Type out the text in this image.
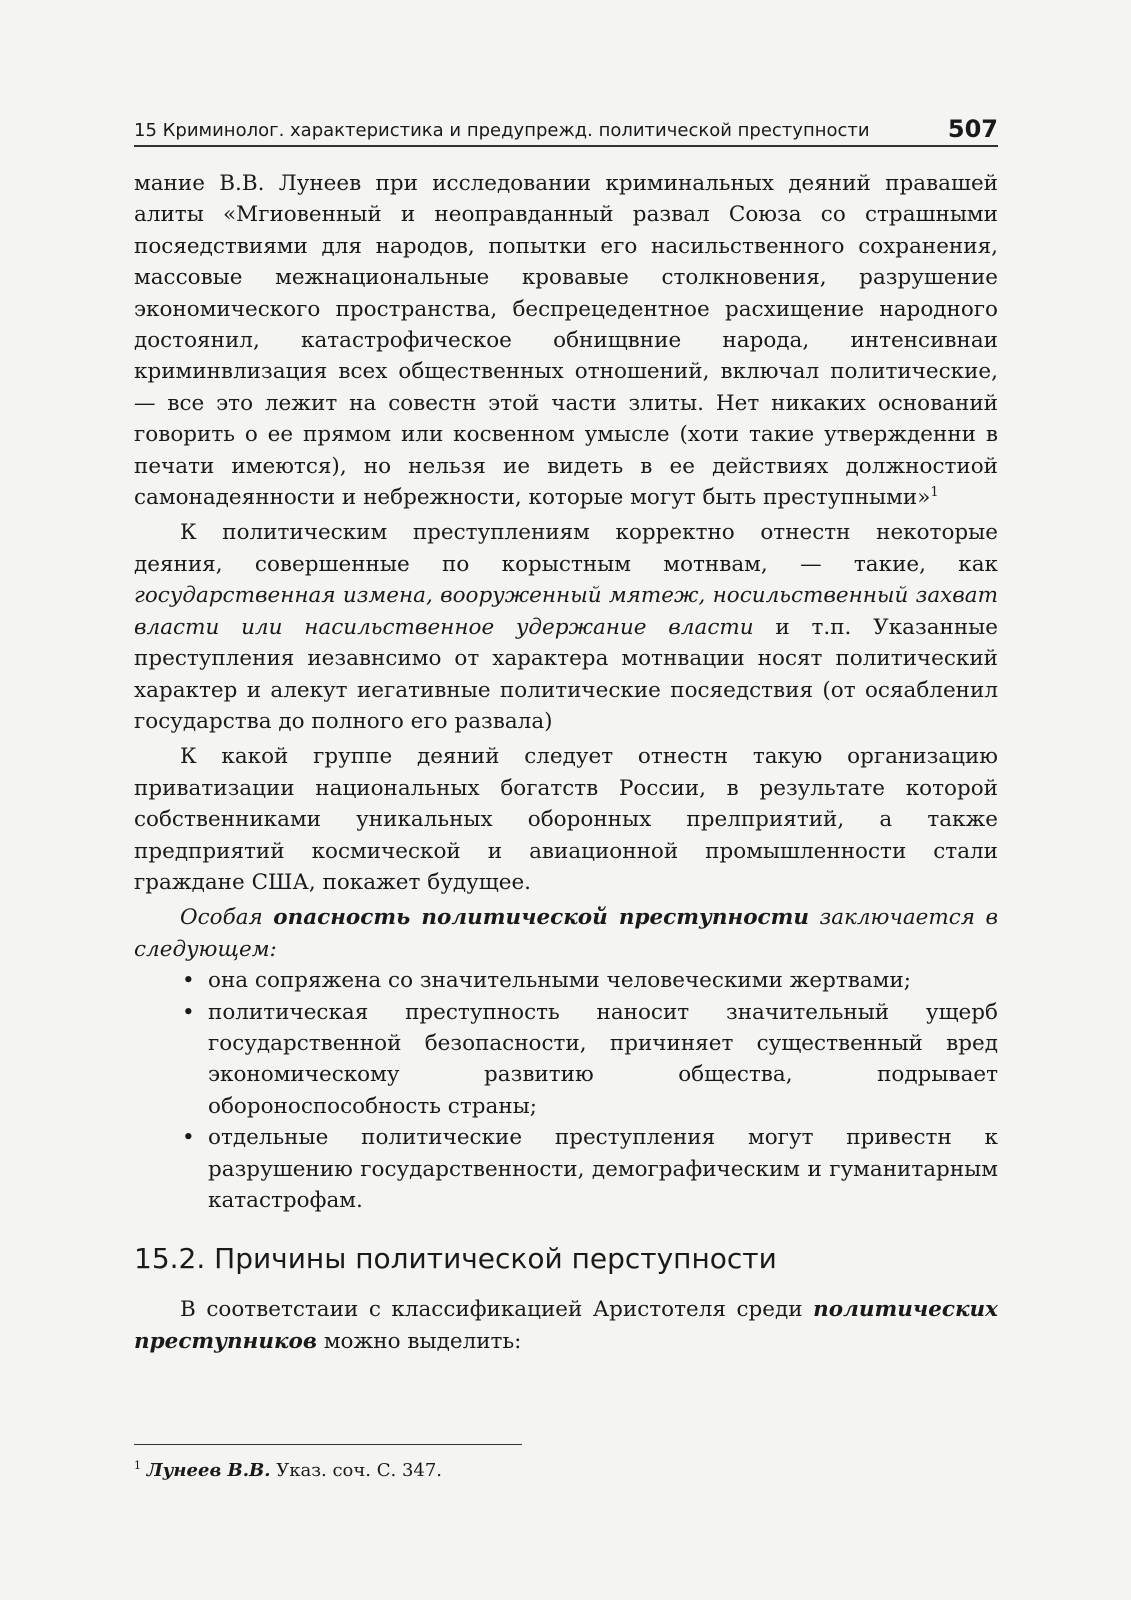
15 Криминолог. характеристика и предупрежд. политической преступности	507

мание В.В. Лунеев при исследовании криминальных деяний правашей алиты «Мгиовенный и неоправданный развал Союза со страшными посяедствиями для народов, попытки его насильственного сохранения, массовые межнациональные кровавые столкновения, разрушение экономического пространства, беспрецедентное расхищение народного достоянил, катастрофическое обнищвние народа, интенсивнаи криминвлизация всех общественных отношений, включал политические, — все это лежит на совестн этой части злиты. Нет никаких оснований говорить о ее прямом или косвенном умысле (хоти такие утвержденни в печати имеются), но нельзя ие видеть в ее действиях должностиой самонадеянности и небрежности, которые могут быть преступными»$^1$

К политическим преступлениям корректно отнестн некоторые деяния, совершенные по корыстным мотнвам, — такие, как государственная измена, вооруженный мятеж, носильственный захват власти или насильственное удержание власти и т.п. Указанные преступления иезавнсимо от характера мотнвации носят политический характер и алекут иегативные политические посяедствия (от осяабленил государства до полного его развала)

К какой группе деяний следует отнестн такую организацию приватизации национальных богатств России, в результате которой собственниками уникальных оборонных прелприятий, а также предприятий космической и авиационной промышленности стали граждане США, покажет будущее.

Особая опасность политической преступности заключается в следующем:

• она сопряжена со значительными человеческими жертвами;
• политическая преступность наносит значительный ущерб государственной безопасности, причиняет существенный вред экономическому развитию общества, подрывает обороноспособность страны;
• отдельные политические преступления могут привестн к разрушению государственности, демографическим и гуманитарным катастрофам.
15.2. Причины политической перступности

В соответстаии с классификацией Аристотеля среди политических преступников можно выделить:

$^1$ Лунеев В.В. Указ. соч. С. 347.
